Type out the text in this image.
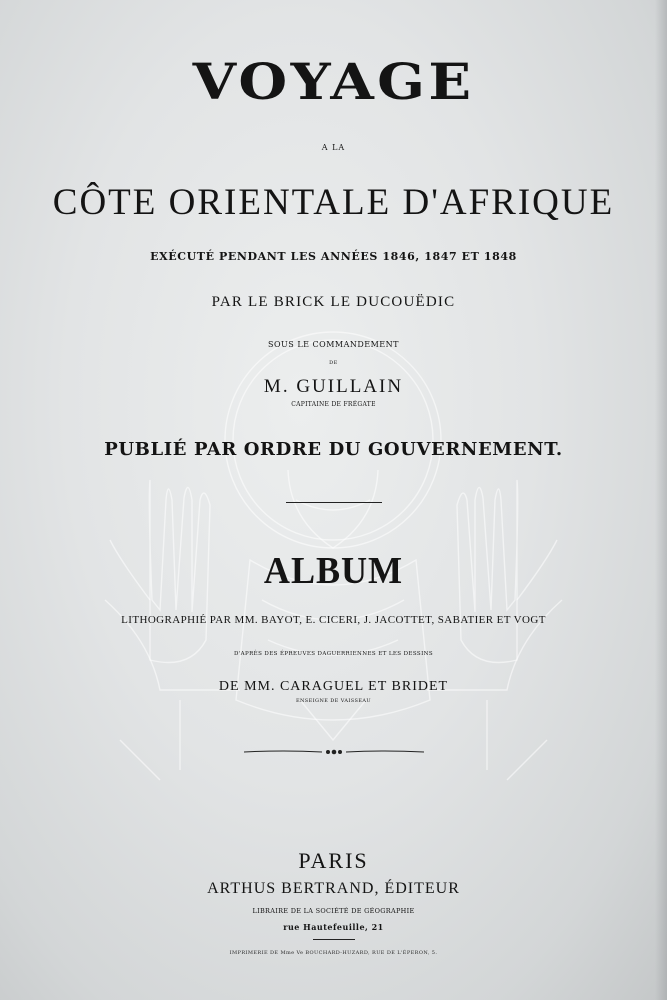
VOYAGE

A LA

CÔTE ORIENTALE D'AFRIQUE

EXÉCUTÉ PENDANT LES ANNÉES 1846, 1847 ET 1848

PAR LE BRICK LE DUCOUËDIC

SOUS LE COMMANDEMENT

DE

M. GUILLAIN

CAPITAINE DE FRÉGATE

PUBLIÉ PAR ORDRE DU GOUVERNEMENT.

ALBUM

LITHOGRAPHIÉ PAR MM. BAYOT, E. CICERI, J. JACOTTET, SABATIER ET VOGT

D'APRÈS DES ÉPREUVES DAGUERRIENNES ET LES DESSINS

DE MM. CARAGUEL ET BRIDET

ENSEIGNE DE VAISSEAU

PARIS

ARTHUS BERTRAND, ÉDITEUR

LIBRAIRE DE LA SOCIÉTÉ DE GÉOGRAPHIE

rue Hautefeuille, 21

IMPRIMERIE DE Mme Ve BOUCHARD-HUZARD, RUE DE L'ÉPERON, 5.
